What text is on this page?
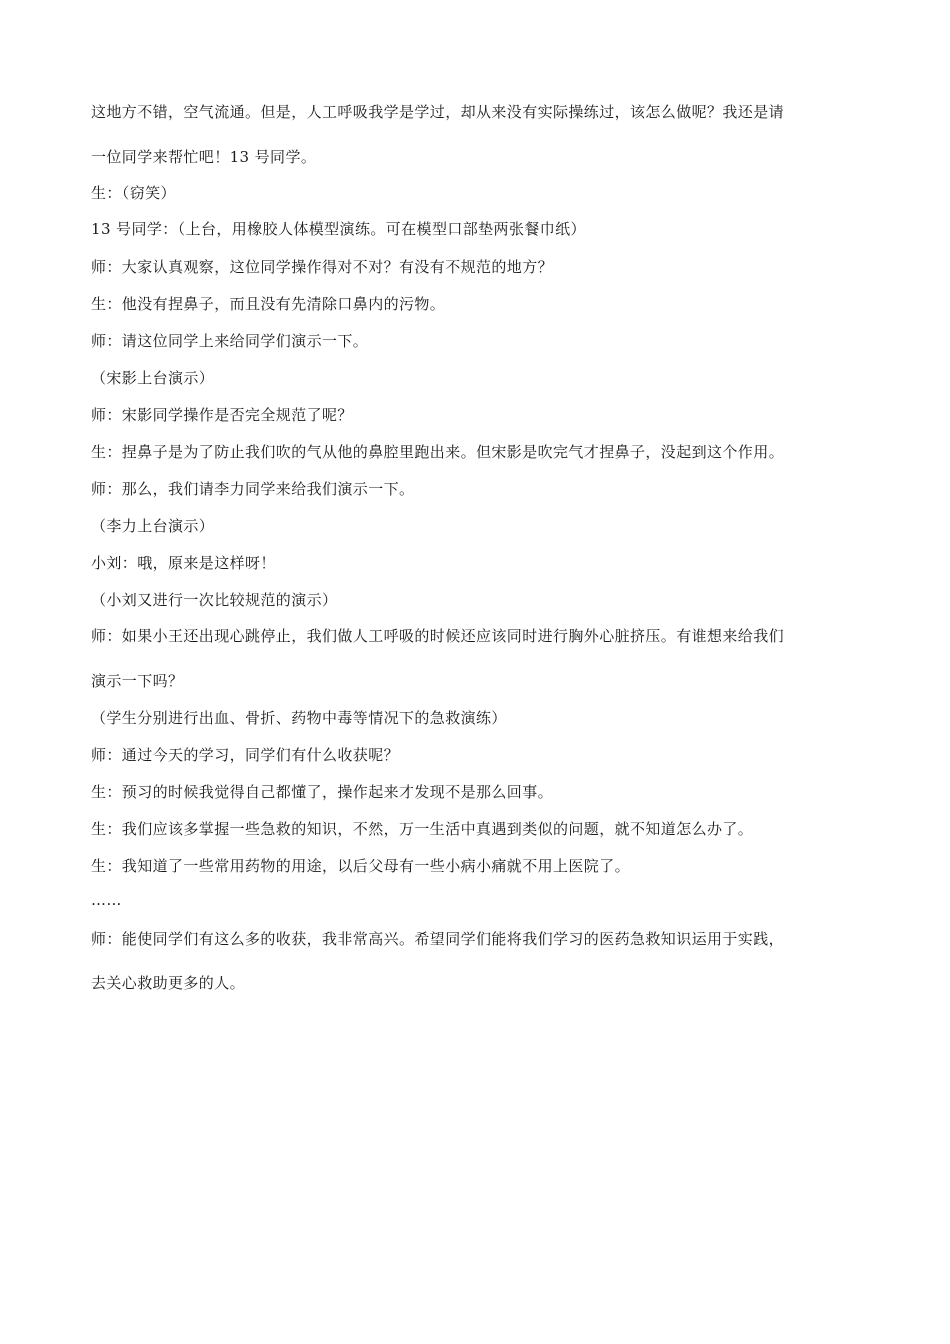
这地方不错，空气流通。但是，人工呼吸我学是学过，却从来没有实际操练过，该怎么做呢？我还是请
一位同学来帮忙吧！13 号同学。
生：（窃笑）
13 号同学：（上台，用橡胶人体模型演练。可在模型口部垫两张餐巾纸）
师：大家认真观察，这位同学操作得对不对？有没有不规范的地方？
生：他没有捏鼻子，而且没有先清除口鼻内的污物。
师：请这位同学上来给同学们演示一下。
（宋影上台演示）
师：宋影同学操作是否完全规范了呢？
生：捏鼻子是为了防止我们吹的气从他的鼻腔里跑出来。但宋影是吹完气才捏鼻子，没起到这个作用。
师：那么，我们请李力同学来给我们演示一下。
（李力上台演示）
小刘：哦，原来是这样呀！
（小刘又进行一次比较规范的演示）
师：如果小王还出现心跳停止，我们做人工呼吸的时候还应该同时进行胸外心脏挤压。有谁想来给我们
演示一下吗？
（学生分别进行出血、骨折、药物中毒等情况下的急救演练）
师：通过今天的学习，同学们有什么收获呢？
生：预习的时候我觉得自己都懂了，操作起来才发现不是那么回事。
生：我们应该多掌握一些急救的知识，不然，万一生活中真遇到类似的问题，就不知道怎么办了。
生：我知道了一些常用药物的用途，以后父母有一些小病小痛就不用上医院了。
……
师：能使同学们有这么多的收获，我非常高兴。希望同学们能将我们学习的医药急救知识运用于实践，
去关心救助更多的人。
